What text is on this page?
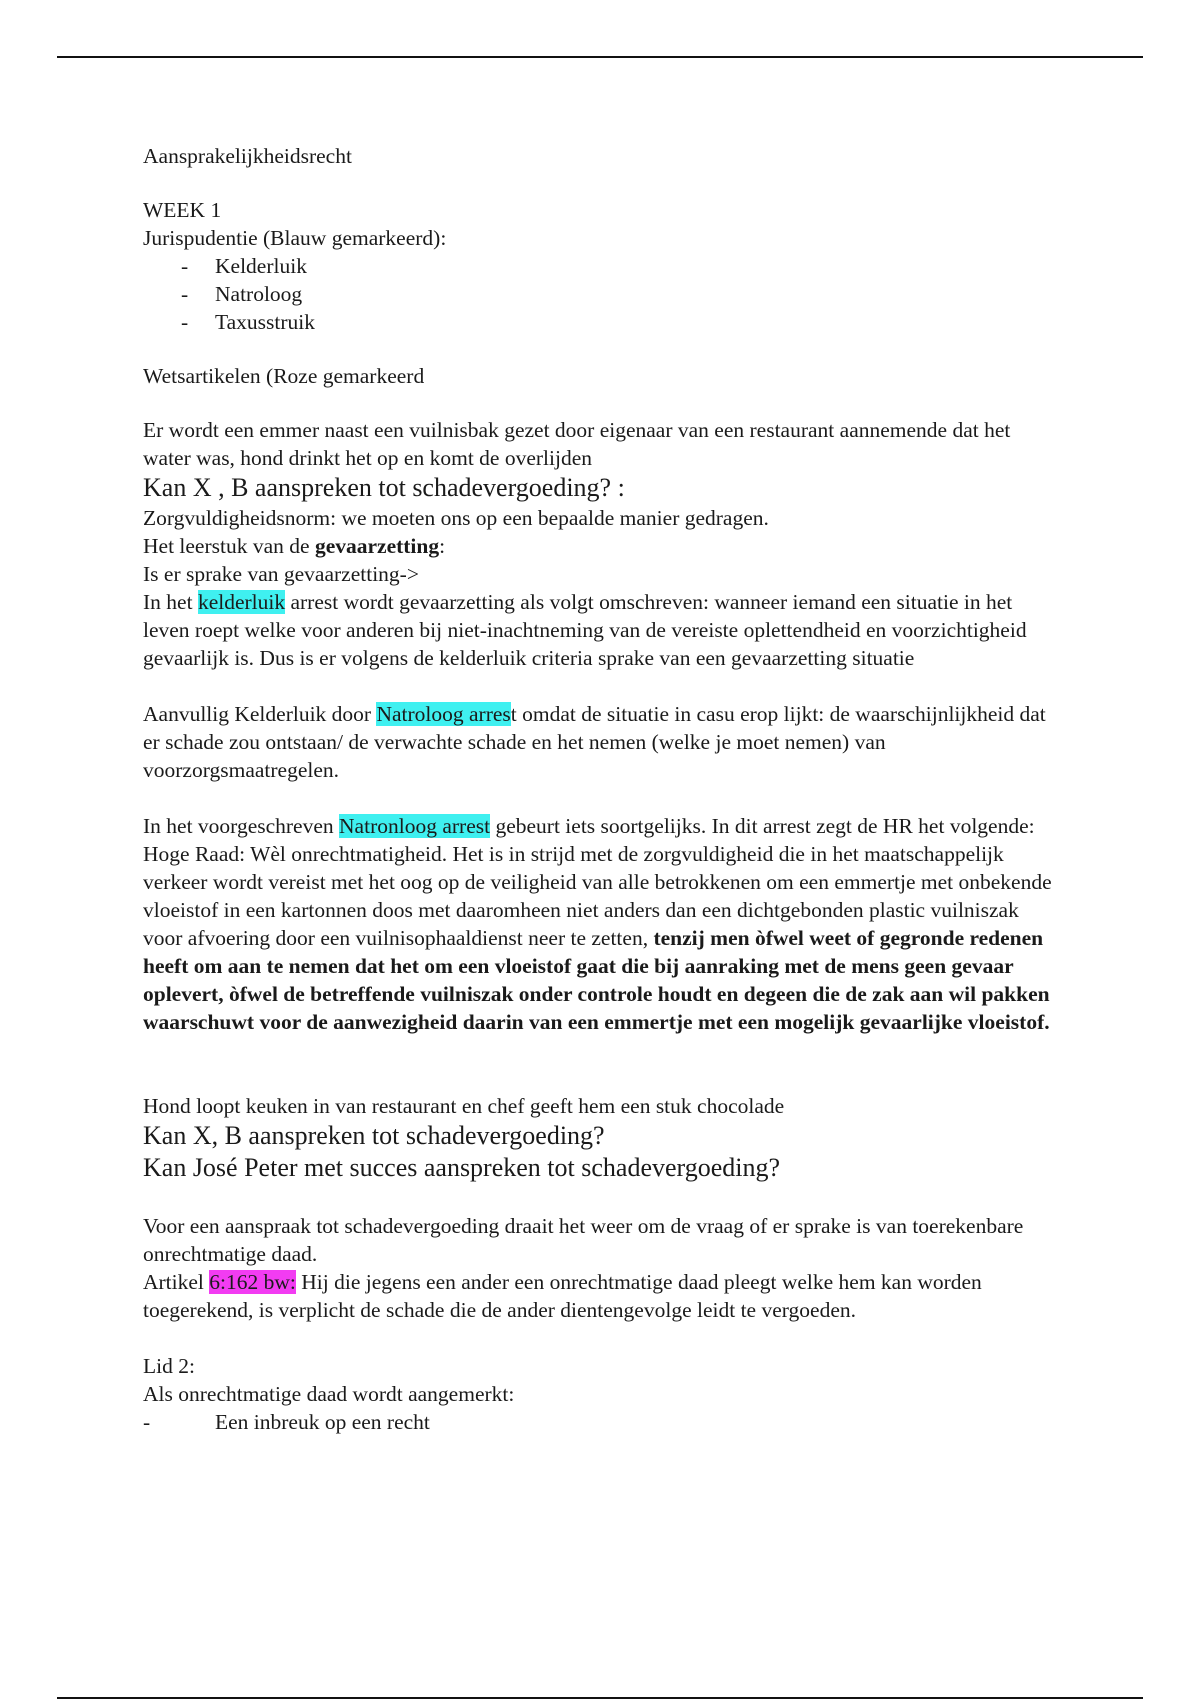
Aansprakelijkheidsrecht

WEEK 1

Jurispudentie (Blauw gemarkeerd):

- Kelderluik
- Natroloog
- Taxusstruik

Wetsartikelen (Roze gemarkeerd

Er wordt een emmer naast een vuilnisbak gezet door eigenaar van een restaurant aannemende dat het water was, hond drinkt het op en komt de overlijden

Kan X , B aanspreken tot schadevergoeding? :

Zorgvuldigheidsnorm: we moeten ons op een bepaalde manier gedragen.

Het leerstuk van de gevaarzetting:

Is er sprake van gevaarzetting->

In het kelderluik arrest wordt gevaarzetting als volgt omschreven: wanneer iemand een situatie in het leven roept welke voor anderen bij niet-inachtneming van de vereiste oplettendheid en voorzichtigheid gevaarlijk is. Dus is er volgens de kelderluik criteria sprake van een gevaarzetting situatie

Aanvullig Kelderluik door Natroloog arrest omdat de situatie in casu erop lijkt: de waarschijnlijkheid dat er schade zou ontstaan/ de verwachte schade en het nemen (welke je moet nemen) van voorzorgsmaatregelen.

In het voorgeschreven Natronloog arrest gebeurt iets soortgelijks. In dit arrest zegt de HR het volgende:

Hoge Raad: Wèl onrechtmatigheid. Het is in strijd met de zorgvuldigheid die in het maatschappelijk verkeer wordt vereist met het oog op de veiligheid van alle betrokkenen om een emmertje met onbekende vloeistof in een kartonnen doos met daaromheen niet anders dan een dichtgebonden plastic vuilniszak voor afvoering door een vuilnisophaaldienst neer te zetten, tenzij men òfwel weet of gegronde redenen heeft om aan te nemen dat het om een vloeistof gaat die bij aanraking met de mens geen gevaar oplevert, òfwel de betreffende vuilniszak onder controle houdt en degeen die de zak aan wil pakken waarschuwt voor de aanwezigheid daarin van een emmertje met een mogelijk gevaarlijke vloeistof.

Hond loopt keuken in van restaurant en chef geeft hem een stuk chocolade

Kan X, B aanspreken tot schadevergoeding?

Kan José Peter met succes aanspreken tot schadevergoeding?

Voor een aanspraak tot schadevergoeding draait het weer om de vraag of er sprake is van toerekenbare onrechtmatige daad.

Artikel 6:162 bw: Hij die jegens een ander een onrechtmatige daad pleegt welke hem kan worden toegerekend, is verplicht de schade die de ander dientengevolge leidt te vergoeden.

Lid 2:

Als onrechtmatige daad wordt aangemerkt:

-	Een inbreuk op een recht
